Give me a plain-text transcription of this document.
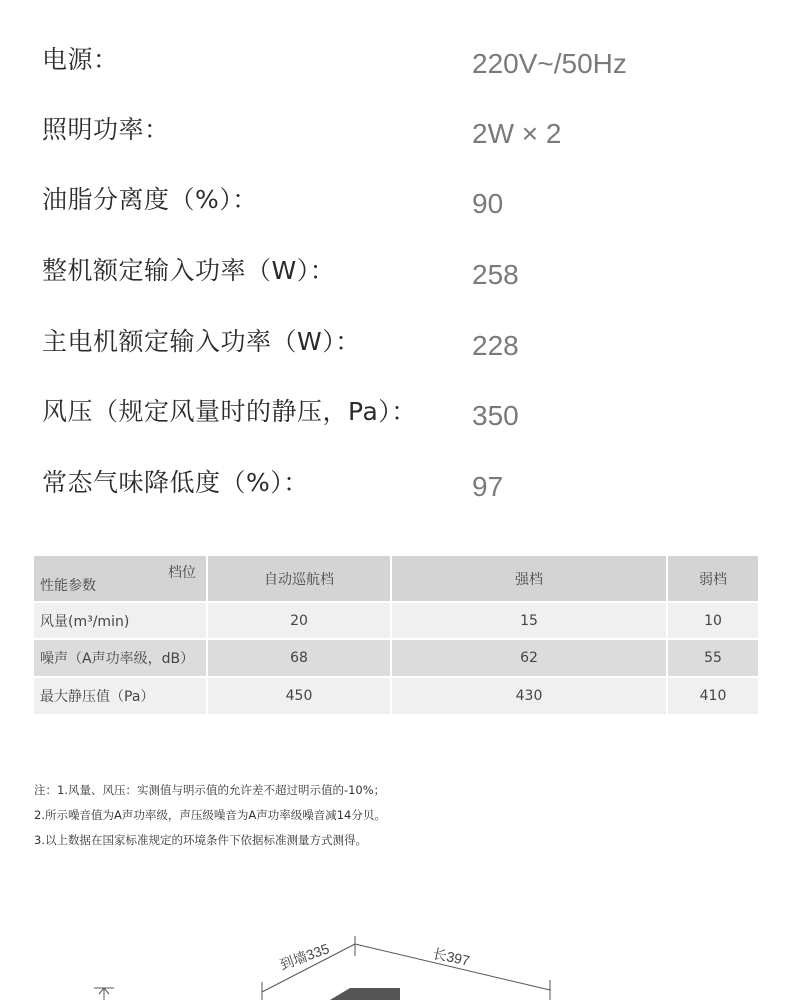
电源：	220V~/50Hz
照明功率：	2W × 2
油脂分离度（%）：	90
整机额定输入功率（W）：	258
主电机额定输入功率（W）：	228
风压（规定风量时的静压，Pa）： 350
常态气味降低度（%）：	97
档位
性能参数	自动巡航档	强档	弱档
风量(m³/min)	20	15	10
噪声（A声功率级，dB）	68	62	55
最大静压值（Pa）	450	430	410
注：1.风量、风压：实测值与明示值的允许差不超过明示值的-10%；
2.所示噪音值为A声功率级，声压级噪音为A声功率级噪音减14分贝。
3.以上数据在国家标准规定的环境条件下依据标准测量方式测得。
到墙335	长397
